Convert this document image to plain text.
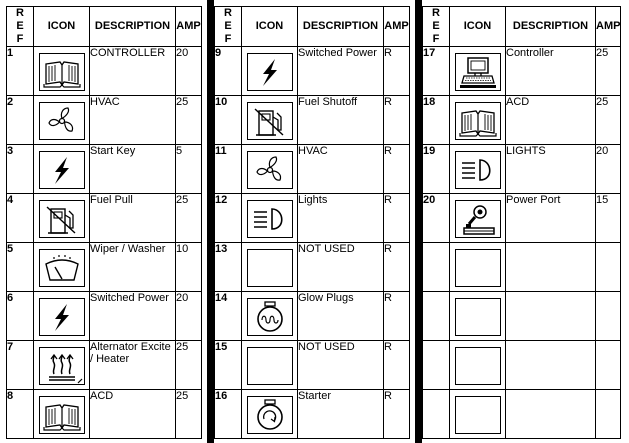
REF	ICON	DESCRIPTION	AMP
1		CONTROLLER	20
2		HVAC	25
3		Start Key	5
4		Fuel Pull	25
5		Wiper / Washer	10
6		Switched Power	20
7		Alternator Excite / Heater	25
8		ACD	25
REF	ICON	DESCRIPTION	AMP
9		Switched Power	R
10		Fuel Shutoff	R
11		HVAC	R
12		Lights	R
13		NOT USED	R
14		Glow Plugs	R
15		NOT USED	R
16		Starter	R
REF	ICON	DESCRIPTION	AMP
17		Controller	25
18		ACD	25
19		LIGHTS	20
20		Power Port	15
